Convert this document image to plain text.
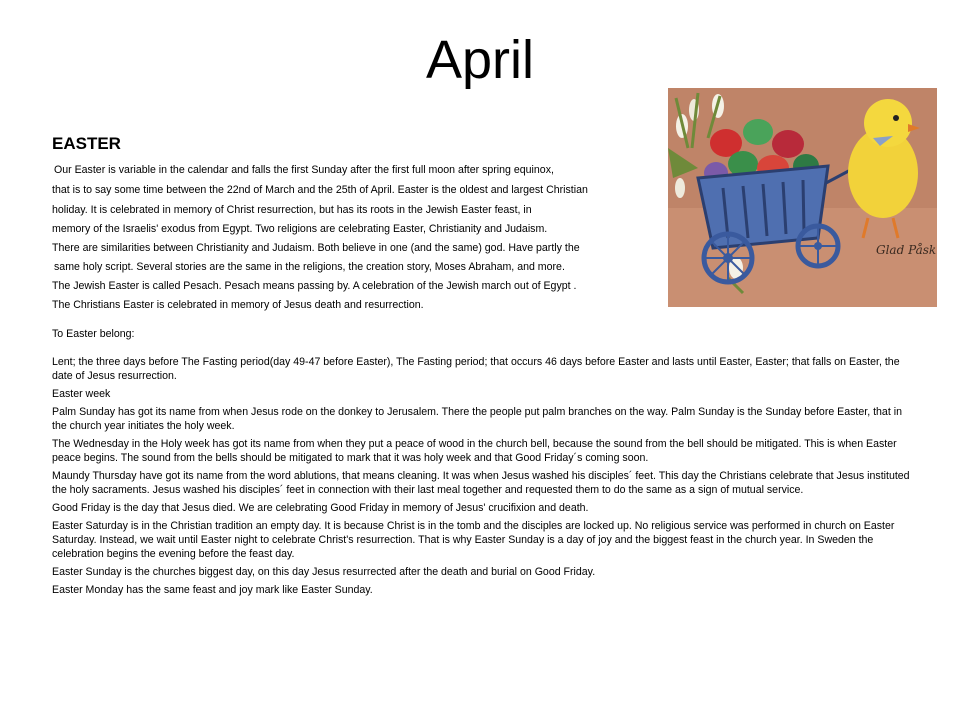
April
EASTER
Our Easter is variable in the calendar and falls the first Sunday after the first full moon after spring equinox,
that is to say some time between the 22nd of March and the 25th of April. Easter is the oldest and largest Christian
holiday. It is celebrated in memory of Christ resurrection, but has its roots in the Jewish Easter feast, in
memory of the Israelis' exodus from Egypt. Two religions are celebrating Easter, Christianity and Judaism.
There are similarities between Christianity and Judaism. Both believe in one (and the same) god. Have partly the
same holy script. Several stories are the same in the religions, the creation story, Moses Abraham, and more.
The Jewish Easter is called Pesach. Pesach means passing by. A celebration of the Jewish march out of Egypt .
The Christians Easter is celebrated in memory of Jesus death and resurrection.
Glad Påsk

To Easter belong:

Lent; the three days before The Fasting period(day 49-47 before Easter), The Fasting period; that occurs 46 days before Easter and lasts until Easter, Easter; that falls on Easter, the date of Jesus resurrection.

Easter week

Palm Sunday has got its name from when Jesus rode on the donkey to Jerusalem. There the people put palm branches on the way. Palm Sunday is the Sunday before Easter, that in the church year initiates the holy week.

The Wednesday in the Holy week has got its name from when they put a peace of wood in the church bell, because the sound from the bell should be mitigated. This is when Easter peace begins. The sound from the bells should be mitigated to mark that it was holy week and that Good Friday´s coming soon.

Maundy Thursday have got its name from the word ablutions, that means cleaning. It was when Jesus washed his disciples´ feet. This day the Christians celebrate that Jesus instituted the holy sacraments. Jesus washed his disciples´ feet in connection with their last meal together and requested them to do the same as a sign of mutual service.

Good Friday is the day that Jesus died. We are celebrating Good Friday in memory of Jesus' crucifixion and death.

Easter Saturday is in the Christian tradition an empty day. It is because Christ is in the tomb and the disciples are locked up. No religious service was performed in church on Easter Saturday. Instead, we wait until Easter night to celebrate Christ's resurrection. That is why Easter Sunday is a day of joy and the biggest feast in the church year. In Sweden the celebration begins the evening before the feast day.

Easter Sunday is the churches biggest day, on this day Jesus resurrected after the death and burial on Good Friday.

Easter Monday has the same feast and joy mark like Easter Sunday.
